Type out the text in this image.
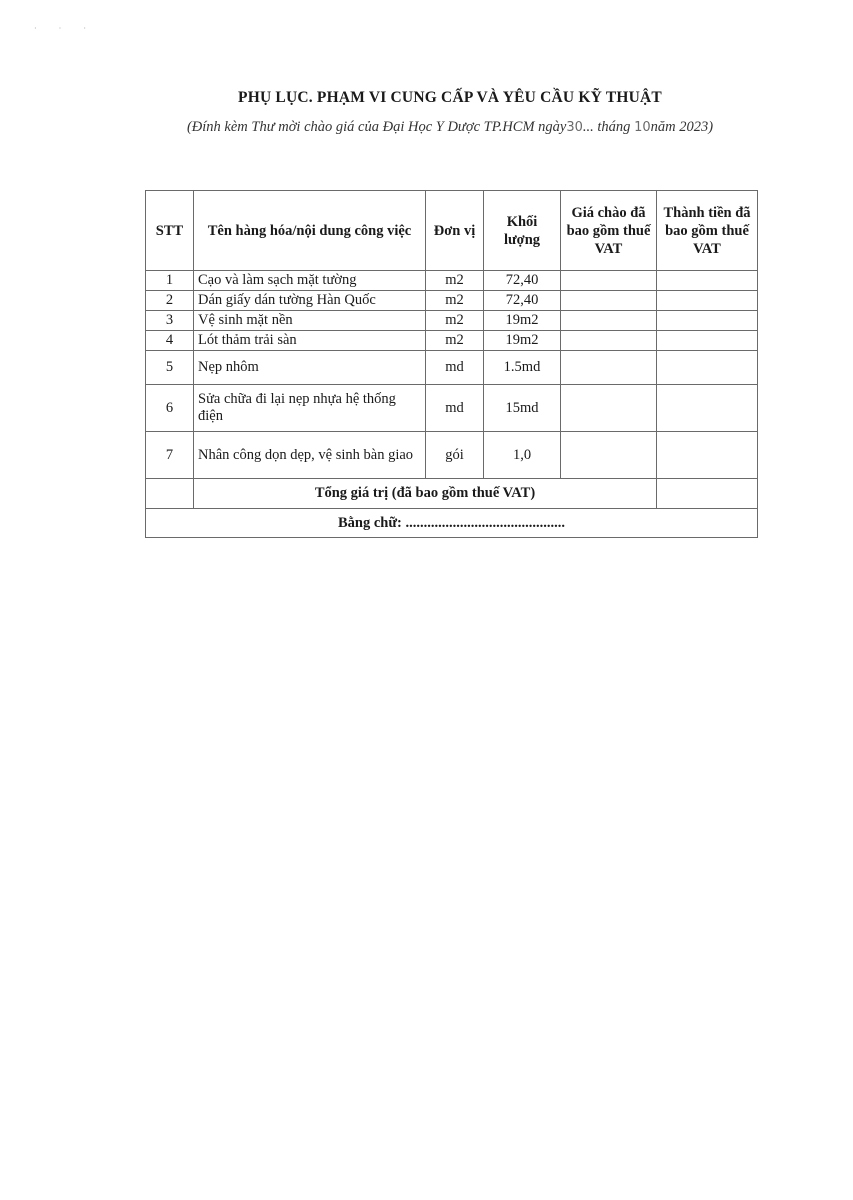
· · ·
PHỤ LỤC. PHẠM VI CUNG CẤP VÀ YÊU CẦU KỸ THUẬT
(Đính kèm Thư mời chào giá của Đại Học Y Dược TP.HCM ngày30... tháng 10năm 2023)
STT	Tên hàng hóa/nội dung công việc	Đơn vị	Khối lượng	Giá chào đã bao gồm thuế VAT	Thành tiền đã bao gồm thuế VAT
1	Cạo và làm sạch mặt tường	m2	72,40		
2	Dán giấy dán tường Hàn Quốc	m2	72,40		
3	Vệ sinh mặt nền	m2	19m2		
4	Lót thảm trải sàn	m2	19m2		
5	Nẹp nhôm	md	1.5md		
6	Sửa chữa đi lại nẹp nhựa hệ thống điện	md	15md		
7	Nhân công dọn dẹp, vệ sinh bàn giao	gói	1,0		
	Tổng giá trị (đã bao gồm thuế VAT)				
Bằng chữ: ............................................					
